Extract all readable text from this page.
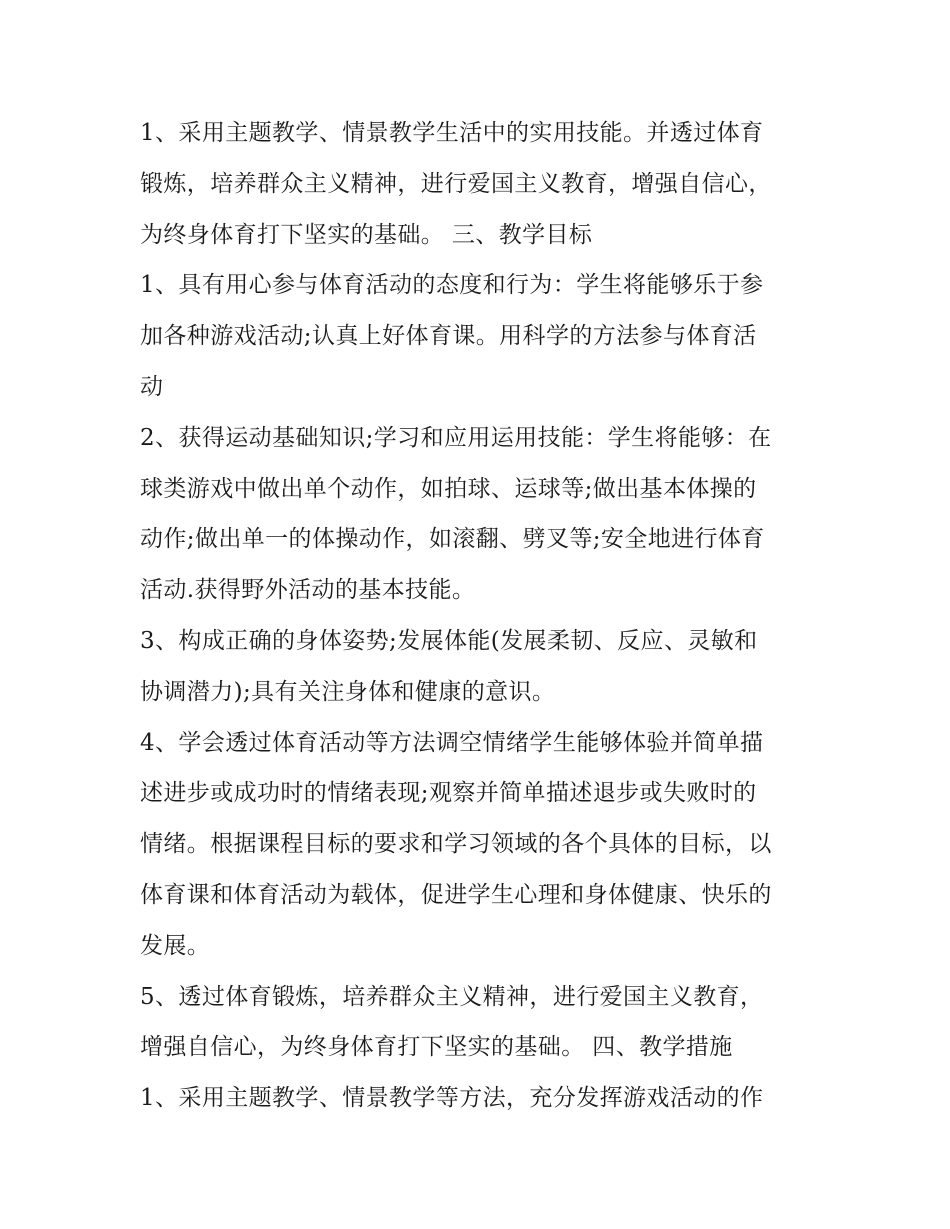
1、采用主题教学、情景教学生活中的实用技能。并透过体育

锻炼，培养群众主义精神，进行爱国主义教育，增强自信心，

为终身体育打下坚实的基础。 三、教学目标

1、具有用心参与体育活动的态度和行为：学生将能够乐于参

加各种游戏活动;认真上好体育课。用科学的方法参与体育活

动

2、获得运动基础知识;学习和应用运用技能：学生将能够：在

球类游戏中做出单个动作，如拍球、运球等;做出基本体操的

动作;做出单一的体操动作，如滚翻、劈叉等;安全地进行体育

活动.获得野外活动的基本技能。

3、构成正确的身体姿势;发展体能(发展柔韧、反应、灵敏和

协调潜力);具有关注身体和健康的意识。

4、学会透过体育活动等方法调空情绪学生能够体验并简单描

述进步或成功时的情绪表现;观察并简单描述退步或失败时的

情绪。根据课程目标的要求和学习领域的各个具体的目标，以

体育课和体育活动为载体，促进学生心理和身体健康、快乐的

发展。

5、透过体育锻炼，培养群众主义精神，进行爱国主义教育，

增强自信心，为终身体育打下坚实的基础。 四、教学措施

1、采用主题教学、情景教学等方法，充分发挥游戏活动的作
